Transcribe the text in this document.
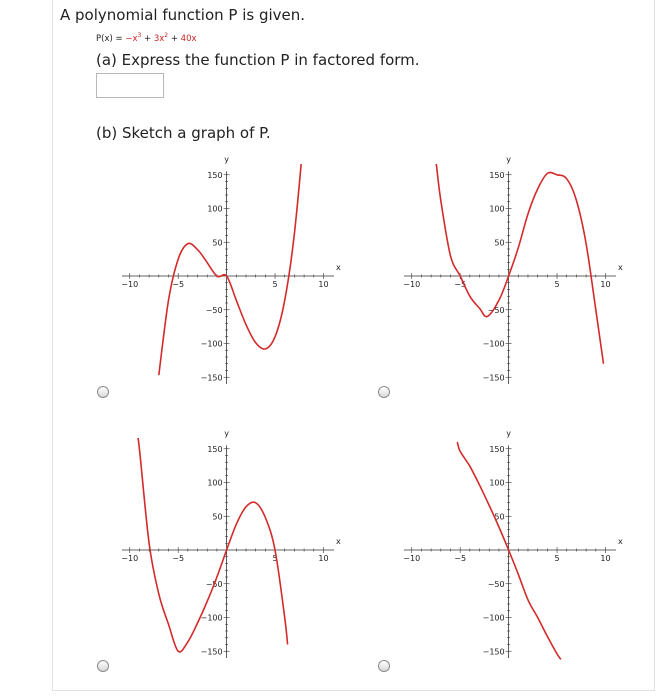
A polynomial function P is given.
$P(x) = -x^3 + 3x^2 + 40x$
(a) Express the function P in factored form.
(b) Sketch a graph of P.
−10	−5	5	10
150
100
50
−50
−100
−150
x
y
−10	−5	5	10
150
100
50
−50
−100
−150
x
y
−10	−5	5	10
150
100
50
−50
−100
−150
x
y
−10	−5	5	10
150
100
50
−50
−100
−150
x
y
